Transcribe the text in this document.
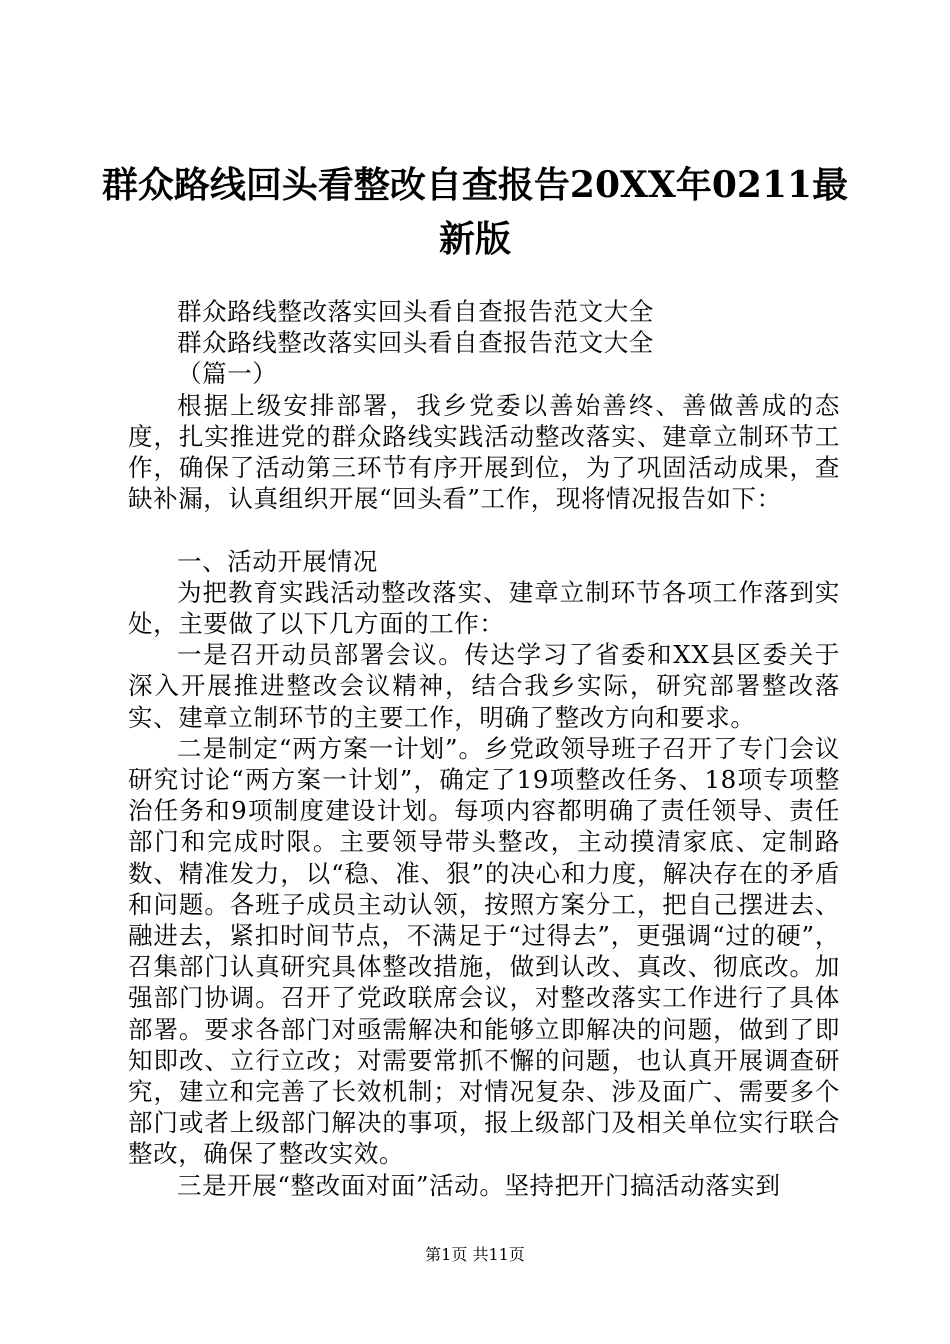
群众路线回头看整改自查报告20XX年0211最新版

群众路线整改落实回头看自查报告范文大全

群众路线整改落实回头看自查报告范文大全

（篇一）

根据上级安排部署，我乡党委以善始善终、善做善成的态度，扎实推进党的群众路线实践活动整改落实、建章立制环节工作，确保了活动第三环节有序开展到位，为了巩固活动成果，查缺补漏，认真组织开展“回头看”工作，现将情况报告如下：

一、活动开展情况

为把教育实践活动整改落实、建章立制环节各项工作落到实处，主要做了以下几方面的工作：

一是召开动员部署会议。传达学习了省委和XX县区委关于深入开展推进整改会议精神，结合我乡实际，研究部署整改落实、建章立制环节的主要工作，明确了整改方向和要求。

二是制定“两方案一计划”。乡党政领导班子召开了专门会议研究讨论“两方案一计划”，确定了19项整改任务、18项专项整治任务和9项制度建设计划。每项内容都明确了责任领导、责任部门和完成时限。主要领导带头整改，主动摸清家底、定制路数、精准发力，以“稳、准、狠”的决心和力度，解决存在的矛盾和问题。各班子成员主动认领，按照方案分工，把自己摆进去、融进去，紧扣时间节点，不满足于“过得去”，更强调“过的硬”，召集部门认真研究具体整改措施，做到认改、真改、彻底改。加强部门协调。召开了党政联席会议，对整改落实工作进行了具体部署。要求各部门对亟需解决和能够立即解决的问题，做到了即知即改、立行立改；对需要常抓不懈的问题，也认真开展调查研究，建立和完善了长效机制；对情况复杂、涉及面广、需要多个部门或者上级部门解决的事项，报上级部门及相关单位实行联合整改，确保了整改实效。

三是开展“整改面对面”活动。坚持把开门搞活动落实到

第1页 共11页
